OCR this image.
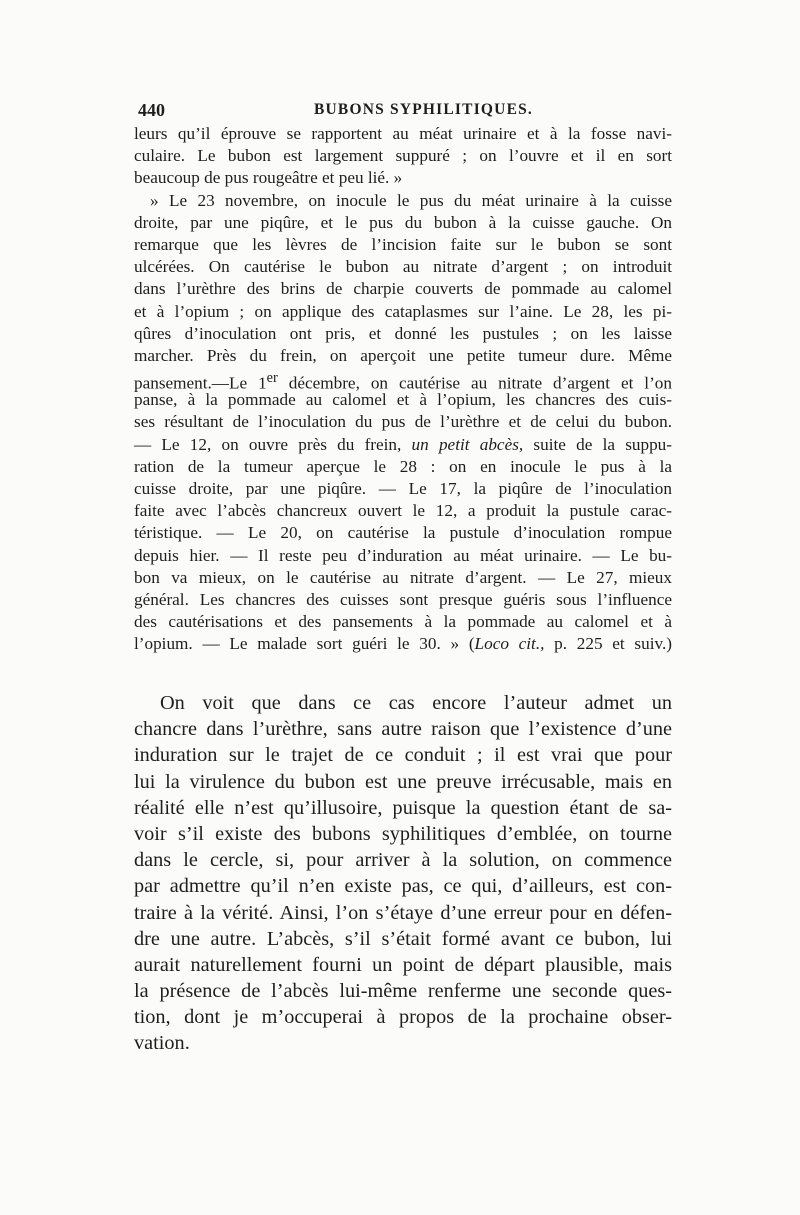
440	BUBONS SYPHILITIQUES.
leurs qu’il éprouve se rapportent au méat urinaire et à la fosse navi-
culaire. Le bubon est largement suppuré ; on l’ouvre et il en sort
beaucoup de pus rougeâtre et peu lié. »
» Le 23 novembre, on inocule le pus du méat urinaire à la cuisse
droite, par une piqûre, et le pus du bubon à la cuisse gauche. On
remarque que les lèvres de l’incision faite sur le bubon se sont
ulcérées. On cautérise le bubon au nitrate d’argent ; on introduit
dans l’urèthre des brins de charpie couverts de pommade au calomel
et à l’opium ; on applique des cataplasmes sur l’aine. Le 28, les pi-
qûres d’inoculation ont pris, et donné les pustules ; on les laisse
marcher. Près du frein, on aperçoit une petite tumeur dure. Même
pansement.—Le 1er décembre, on cautérise au nitrate d’argent et l’on
panse, à la pommade au calomel et à l’opium, les chancres des cuis-
ses résultant de l’inoculation du pus de l’urèthre et de celui du bubon.
— Le 12, on ouvre près du frein, un petit abcès, suite de la suppu-
ration de la tumeur aperçue le 28 : on en inocule le pus à la
cuisse droite, par une piqûre. — Le 17, la piqûre de l’inoculation
faite avec l’abcès chancreux ouvert le 12, a produit la pustule carac-
téristique. — Le 20, on cautérise la pustule d’inoculation rompue
depuis hier. — Il reste peu d’induration au méat urinaire. — Le bu-
bon va mieux, on le cautérise au nitrate d’argent. — Le 27, mieux
général. Les chancres des cuisses sont presque guéris sous l’influence
des cautérisations et des pansements à la pommade au calomel et à
l’opium. — Le malade sort guéri le 30. » (Loco cit., p. 225 et suiv.)
On voit que dans ce cas encore l’auteur admet un
chancre dans l’urèthre, sans autre raison que l’existence d’une
induration sur le trajet de ce conduit ; il est vrai que pour
lui la virulence du bubon est une preuve irrécusable, mais en
réalité elle n’est qu’illusoire, puisque la question étant de sa-
voir s’il existe des bubons syphilitiques d’emblée, on tourne
dans le cercle, si, pour arriver à la solution, on commence
par admettre qu’il n’en existe pas, ce qui, d’ailleurs, est con-
traire à la vérité. Ainsi, l’on s’étaye d’une erreur pour en défen-
dre une autre. L’abcès, s’il s’était formé avant ce bubon, lui
aurait naturellement fourni un point de départ plausible, mais
la présence de l’abcès lui-même renferme une seconde ques-
tion, dont je m’occuperai à propos de la prochaine obser-
vation.
